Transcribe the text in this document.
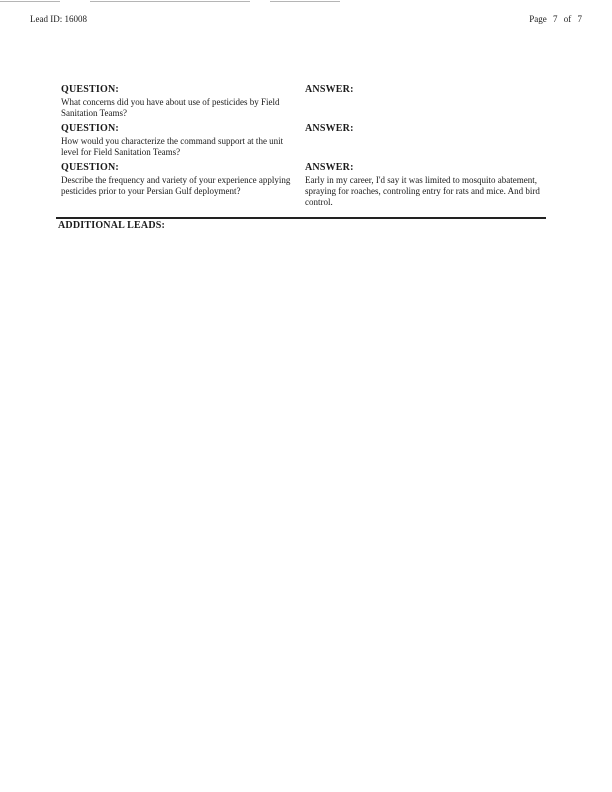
Lead ID: 16008	Page 7 of 7
QUESTION:
What concerns did you have about use of pesticides by Field Sanitation Teams?
ANSWER:
QUESTION:
How would you characterize the command support at the unit level for Field Sanitation Teams?
ANSWER:
QUESTION:
Describe the frequency and variety of your experience applying pesticides prior to your Persian Gulf deployment?
ANSWER:
Early in my career, I'd say it was limited to mosquito abatement, spraying for roaches, controling entry for rats and mice. And bird control.
ADDITIONAL LEADS:
